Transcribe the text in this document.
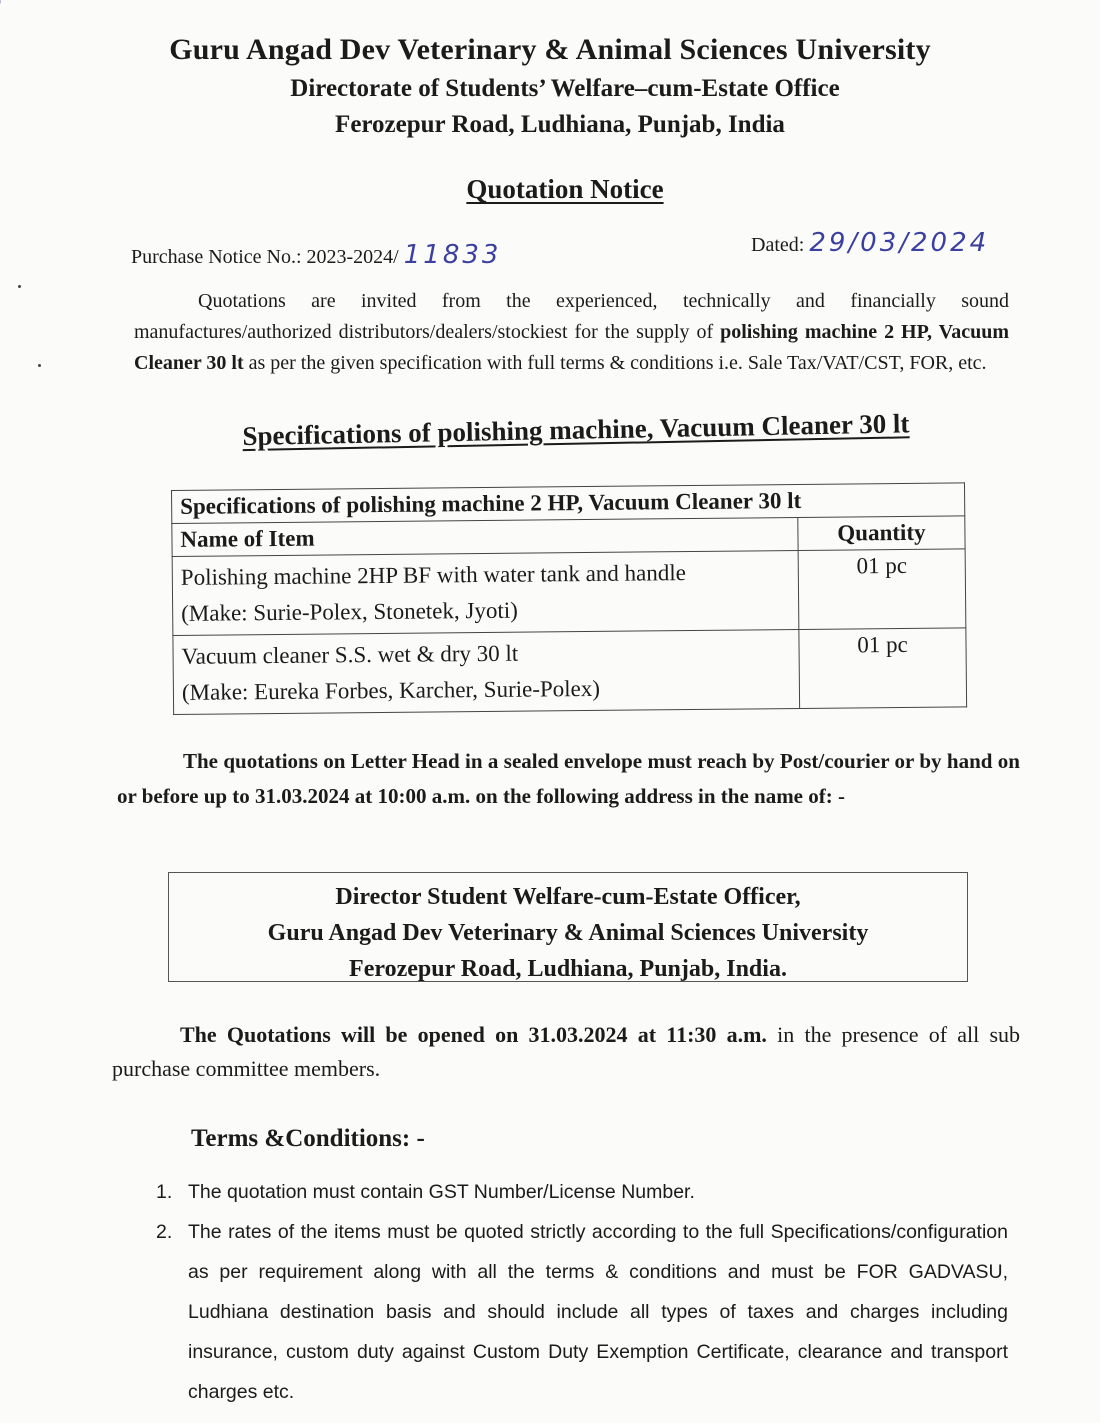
Guru Angad Dev Veterinary & Animal Sciences University
Directorate of Students’ Welfare–cum-Estate Office
Ferozepur Road, Ludhiana, Punjab, India
Quotation Notice
Purchase Notice No.: 2023-2024/ 11833	Dated: 29/03/2024

Quotations are invited from the experienced, technically and financially sound manufactures/authorized distributors/dealers/stockiest for the supply of polishing machine 2 HP, Vacuum Cleaner 30 lt as per the given specification with full terms & conditions i.e. Sale Tax/VAT/CST, FOR, etc.

Specifications of polishing machine, Vacuum Cleaner 30 lt
Specifications of polishing machine 2 HP, Vacuum Cleaner 30 lt	
Name of Item	Quantity

Polishing machine 2HP BF with water tank and handle
(Make: Surie-Polex, Stonetek, Jyoti)	01 pc

Vacuum cleaner S.S. wet & dry 30 lt
(Make: Eureka Forbes, Karcher, Surie-Polex)	01 pc

The quotations on Letter Head in a sealed envelope must reach by Post/courier or by hand on or before up to 31.03.2024 at 10:00 a.m. on the following address in the name of: -

Director Student Welfare-cum-Estate Officer,
Guru Angad Dev Veterinary & Animal Sciences University
Ferozepur Road, Ludhiana, Punjab, India.

The Quotations will be opened on 31.03.2024 at 11:30 a.m. in the presence of all sub purchase committee members.

Terms &Conditions: -
1. The quotation must contain GST Number/License Number.
2. The rates of the items must be quoted strictly according to the full Specifications/configuration as per requirement along with all the terms & conditions and must be FOR GADVASU, Ludhiana destination basis and should include all types of taxes and charges including insurance, custom duty against Custom Duty Exemption Certificate, clearance and transport charges etc.
